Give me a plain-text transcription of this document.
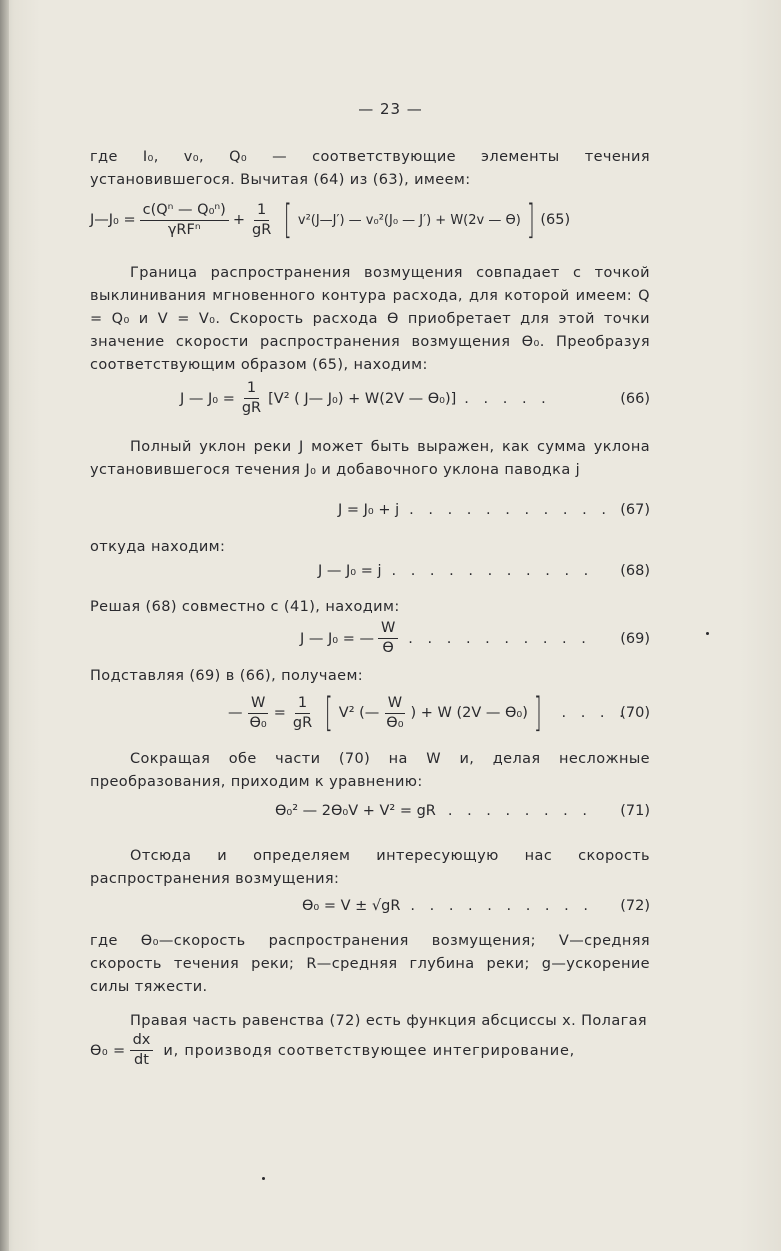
— 23 —
где I₀, v₀, Q₀ — соответствующие элементы течения установившегося. Вычитая (64) из (63), имеем:
J—J₀ = $\frac{\text{c(Qⁿ — Q₀ⁿ)}}{\text{γRFⁿ}} + \frac{1}{gR}$ [ v²(J—J′) — v₀²(J₀ — J′) + W(2v — ϴ) ] (65)
Граница распространения возмущения совпадает с точкой выклинивания мгновенного контура расхода, для которой имеем: Q = Q₀ и V = V₀. Скорость расхода ϴ приобретает для этой точки значение скорости распространения возмущения ϴ₀. Преобразуя соответствующим образом (65), находим:
J — $J_0 = \frac{1}{gR} [V^2$ ( J— J₀) + W(2V — ϴ₀)] . . . . .	(66)
Полный уклон реки J может быть выражен, как сумма уклона установившегося течения J₀ и добавочного уклона паводка j
J = J₀ + j . . . . . . . . . . . (67)
откуда находим:
J — J₀ = j . . . . . . . . . . . (68)
Решая (68) совместно с (41), находим:
J — J₀ = — $\frac{W}{ϴ}$ . . . . . . . . . . (69)
Подставляя (69) в (66), получаем:
— $\frac{W}{\text{ϴ₀}} = \frac{1}{gR}$ [ V² (— $\frac{W}{\text{ϴ₀}}$ ) + W (2V — ϴ₀) ] . . . .
(70)
Сокращая обе части (70) на W и, делая несложные преобразования, приходим к уравнению:
ϴ₀² — 2ϴ₀V + V² = gR . . . . . . . . (71)
Отсюда и определяем интересующую нас скорость распространения возмущения:
ϴ₀ = V ± √gR . . . . . . . . . . (72)
где ϴ₀—скорость распространения возмущения; V—средняя скорость течения реки; R—средняя глубина реки; g—ускорение силы тяжести.
Правая часть равенства (72) есть функция абсциссы x. Полагая
$ϴ_0 = \frac{dx}{dt} и$, производя соответствующее интегрирование,
